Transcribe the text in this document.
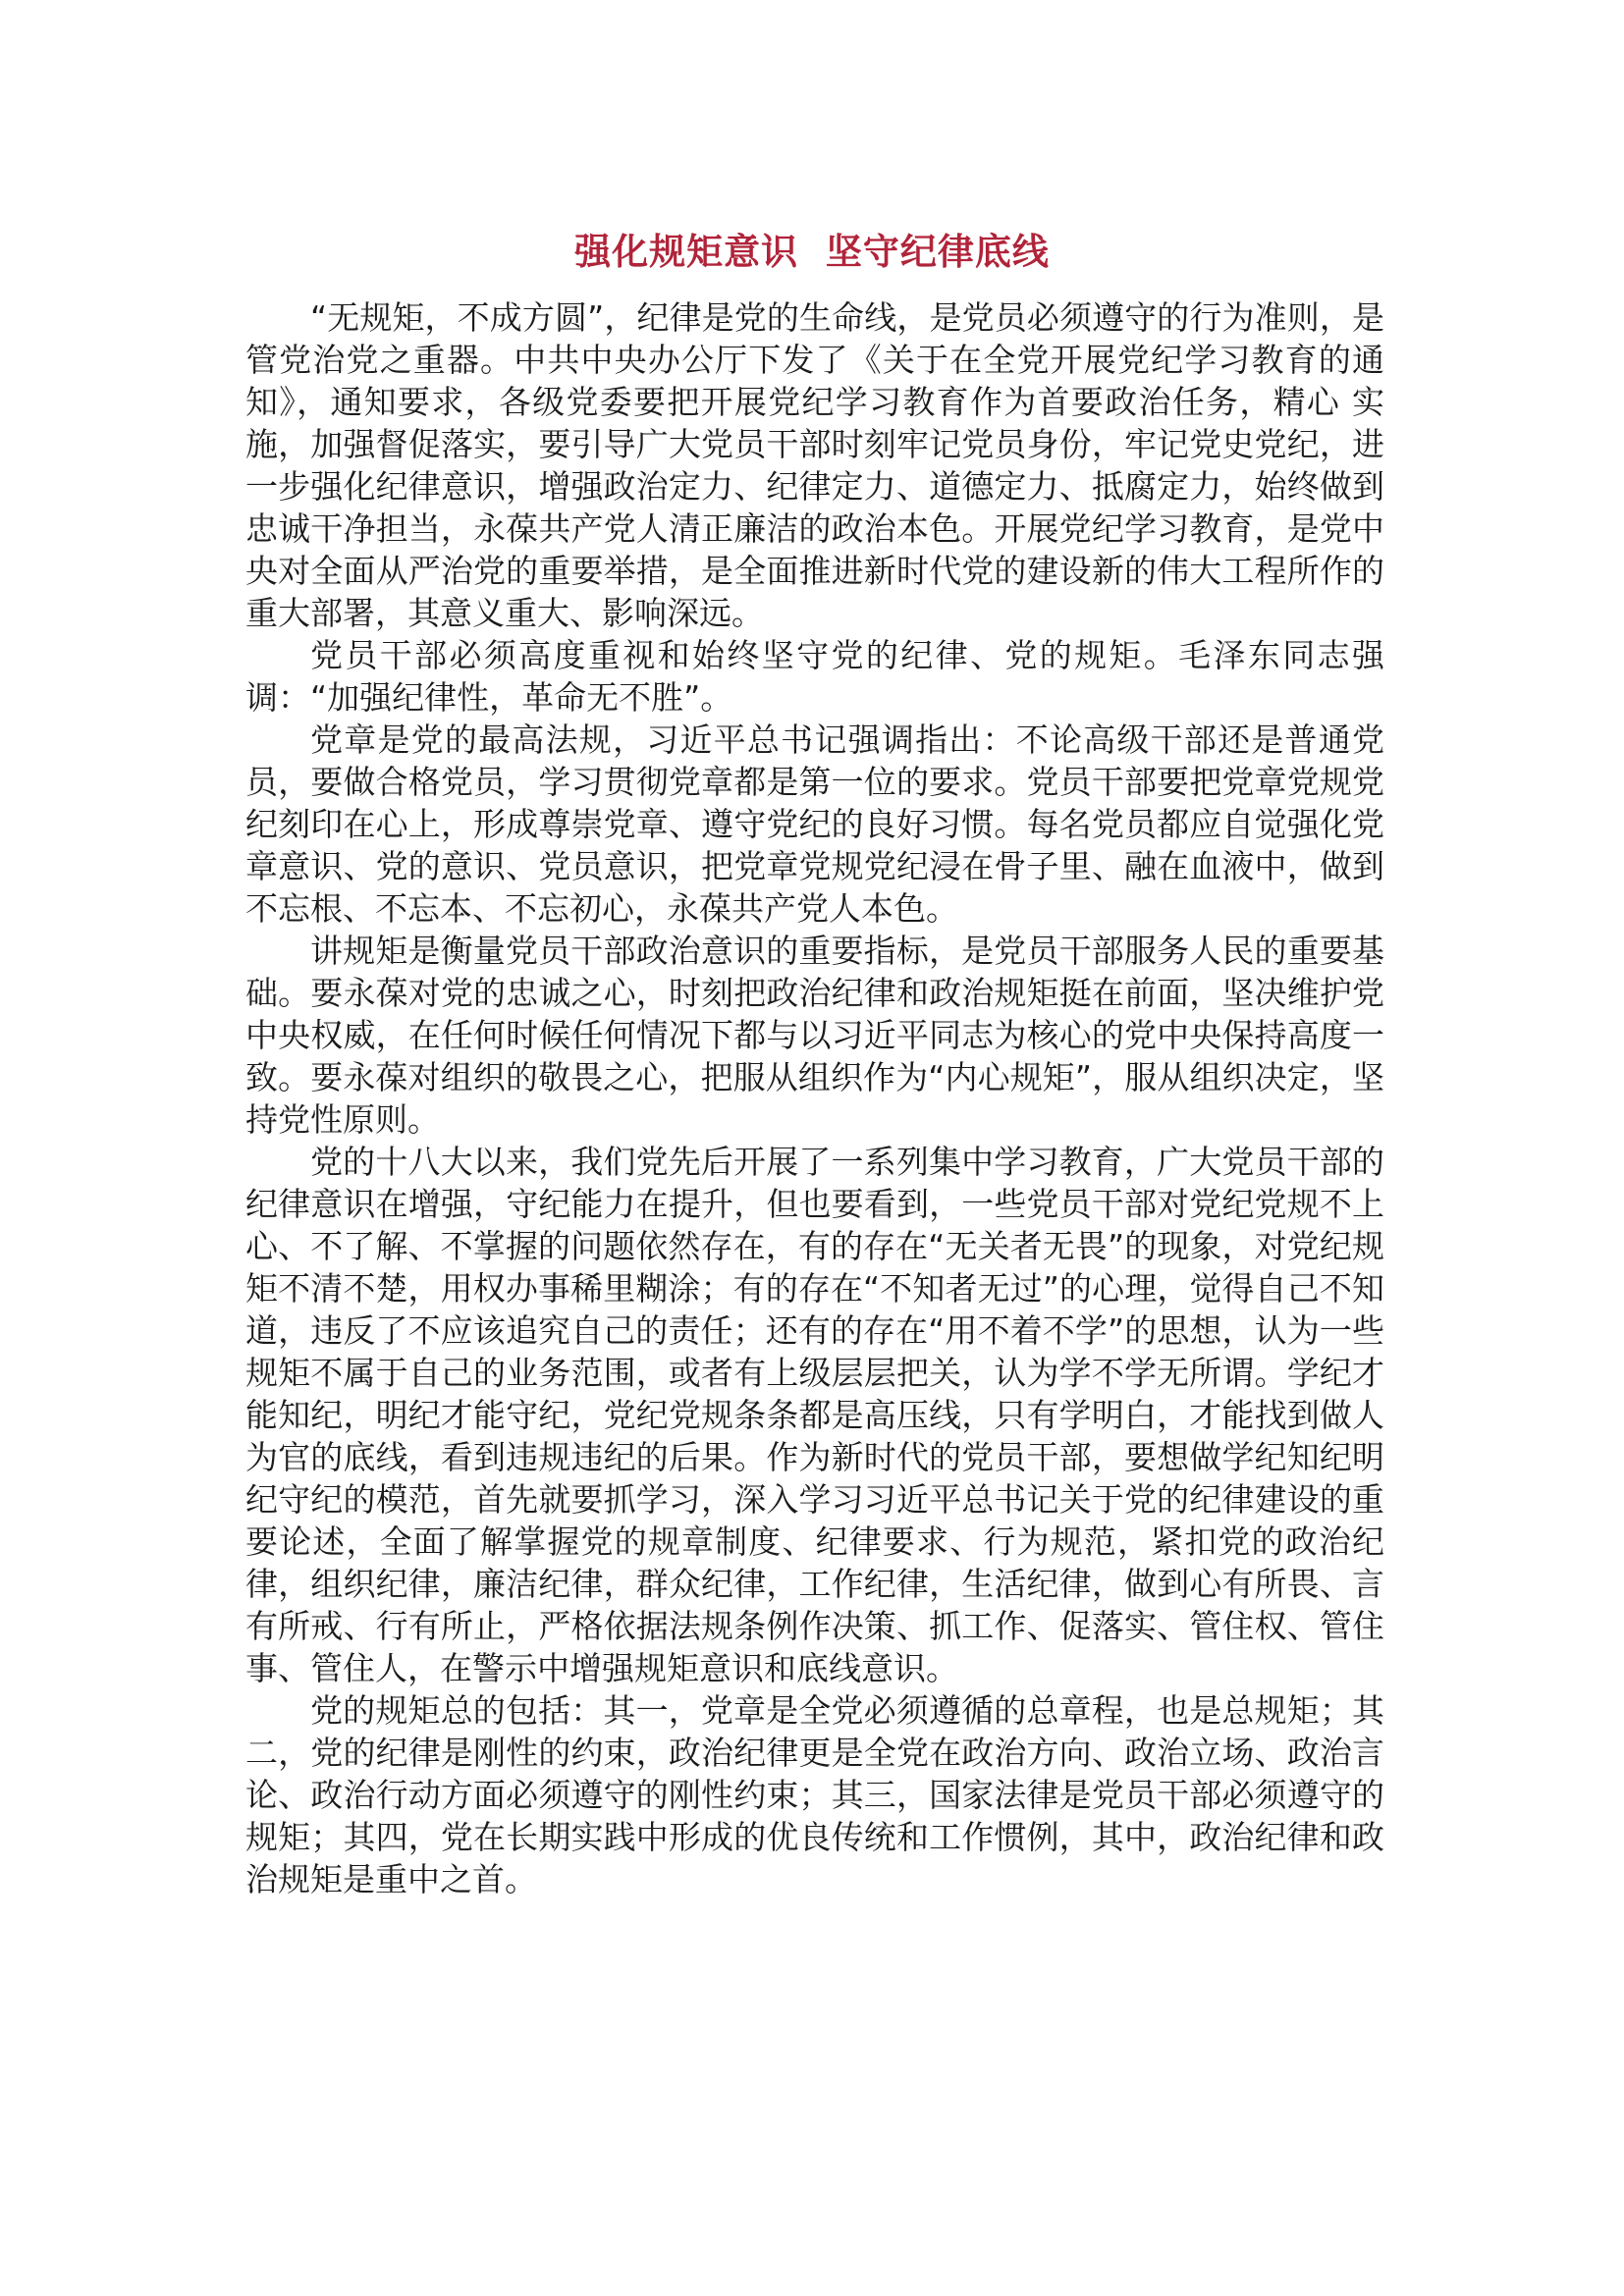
强化规矩意识  坚守纪律底线

“无规矩，不成方圆”，纪律是党的生命线，是党员必须遵守的行为准则，是管党治党之重器。中共中央办公厅下发了《关于在全党开展党纪学习教育的通知》，通知要求，各级党委要把开展党纪学习教育作为首要政治任务，精心 实施，加强督促落实，要引导广大党员干部时刻牢记党员身份，牢记党史党纪，进一步强化纪律意识，增强政治定力、纪律定力、道德定力、抵腐定力，始终做到忠诚干净担当，永葆共产党人清正廉洁的政治本色。开展党纪学习教育，是党中央对全面从严治党的重要举措，是全面推进新时代党的建设新的伟大工程所作的重大部署，其意义重大、影响深远。

党员干部必须高度重视和始终坚守党的纪律、党的规矩。毛泽东同志强调：“加强纪律性，革命无不胜”。

党章是党的最高法规，习近平总书记强调指出：不论高级干部还是普通党员，要做合格党员，学习贯彻党章都是第一位的要求。党员干部要把党章党规党纪刻印在心上，形成尊崇党章、遵守党纪的良好习惯。每名党员都应自觉强化党章意识、党的意识、党员意识，把党章党规党纪浸在骨子里、融在血液中，做到不忘根、不忘本、不忘初心，永葆共产党人本色。

讲规矩是衡量党员干部政治意识的重要指标，是党员干部服务人民的重要基础。要永葆对党的忠诚之心，时刻把政治纪律和政治规矩挺在前面，坚决维护党中央权威，在任何时候任何情况下都与以习近平同志为核心的党中央保持高度一致。要永葆对组织的敬畏之心，把服从组织作为“内心规矩”，服从组织决定，坚持党性原则。

党的十八大以来，我们党先后开展了一系列集中学习教育，广大党员干部的纪律意识在增强，守纪能力在提升，但也要看到，一些党员干部对党纪党规不上心、不了解、不掌握的问题依然存在，有的存在“无关者无畏”的现象，对党纪规矩不清不楚，用权办事稀里糊涂；有的存在“不知者无过”的心理，觉得自己不知道，违反了不应该追究自己的责任；还有的存在“用不着不学”的思想，认为一些规矩不属于自己的业务范围，或者有上级层层把关，认为学不学无所谓。学纪才能知纪，明纪才能守纪，党纪党规条条都是高压线，只有学明白，才能找到做人为官的底线，看到违规违纪的后果。作为新时代的党员干部，要想做学纪知纪明纪守纪的模范，首先就要抓学习，深入学习习近平总书记关于党的纪律建设的重要论述，全面了解掌握党的规章制度、纪律要求、行为规范，紧扣党的政治纪律，组织纪律，廉洁纪律，群众纪律，工作纪律，生活纪律，做到心有所畏、言有所戒、行有所止，严格依据法规条例作决策、抓工作、促落实、管住权、管住事、管住人，在警示中增强规矩意识和底线意识。

党的规矩总的包括：其一，党章是全党必须遵循的总章程，也是总规矩；其二，党的纪律是刚性的约束，政治纪律更是全党在政治方向、政治立场、政治言论、政治行动方面必须遵守的刚性约束；其三，国家法律是党员干部必须遵守的规矩；其四，党在长期实践中形成的优良传统和工作惯例，其中，政治纪律和政治规矩是重中之首。
